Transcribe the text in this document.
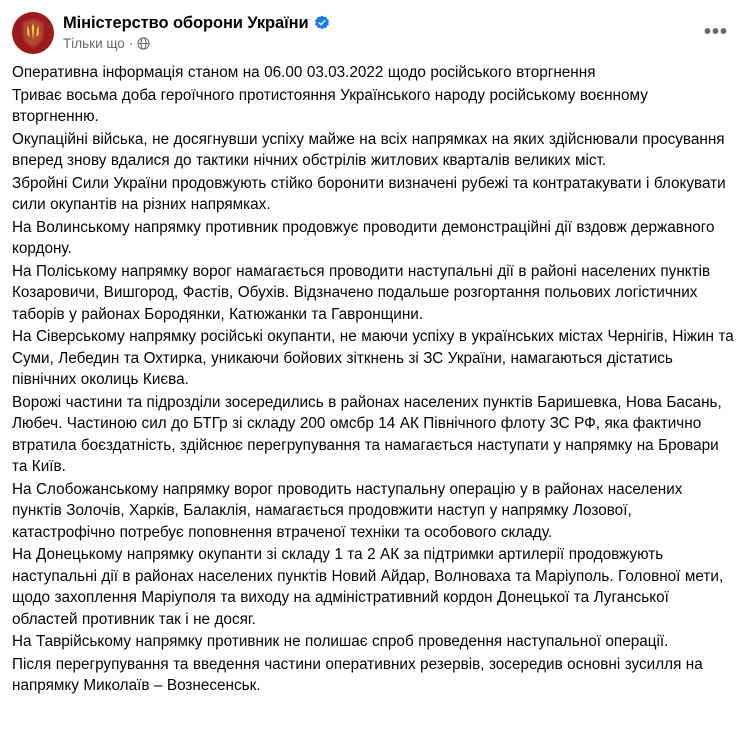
Міністерство оборони України
Тільки що ·
•••

Оперативна інформація станом на 06.00 03.03.2022 щодо російського вторгнення

Триває восьма доба героїчного протистояння Українського народу російському воєнному вторгненню.

Окупаційні війська, не досягнувши успіху майже на всіх напрямках на яких здійснювали просування вперед знову вдалися до тактики нічних обстрілів житлових кварталів великих міст.

Збройні Сили України продовжують стійко боронити визначені рубежі та контратакувати і блокувати сили окупантів на різних напрямках.

На Волинському напрямку противник продовжує проводити демонстраційні дії вздовж державного кордону.

На Поліському напрямку ворог намагається проводити наступальні дії в районі населених пунктів Козаровичи, Вишгород, Фастів, Обухів. Відзначено подальше розгортання польових логістичних таборів у районах Бородянки, Катюжанки та Гавронщини.

На Сіверському напрямку російські окупанти, не маючи успіху в українських містах Чернігів, Ніжин та Суми, Лебедин та Охтирка, уникаючи бойових зіткнень зі ЗС України, намагаються дістатись північних околиць Києва.

Ворожі частини та підрозділи зосередились в районах населених пунктів Баришевка, Нова Басань, Любеч. Частиною сил до БТГр зі складу 200 омсбр 14 АК Північного флоту ЗС РФ, яка фактично втратила боєздатність, здійснює перегрупування та намагається наступати у напрямку на Бровари та Київ.

На Слобожанському напрямку ворог проводить наступальну операцію у в районах населених пунктів Золочів, Харків, Балаклія, намагається продовжити наступ у напрямку Лозової, катастрофічно потребує поповнення втраченої техніки та особового складу.

На Донецькому напрямку окупанти зі складу 1 та 2 АК за підтримки артилерії продовжують наступальні дії в районах населених пунктів Новий Айдар, Волноваха та Маріуполь. Головної мети, щодо захоплення Маріуполя та виходу на адміністративний кордон Донецької та Луганської областей противник так і не досяг.

На Таврійському напрямку противник не полишає спроб проведення наступальної операції.

Після перегрупування та введення частини оперативних резервів, зосередив основні зусилля на напрямку Миколаїв – Вознесенськ.
